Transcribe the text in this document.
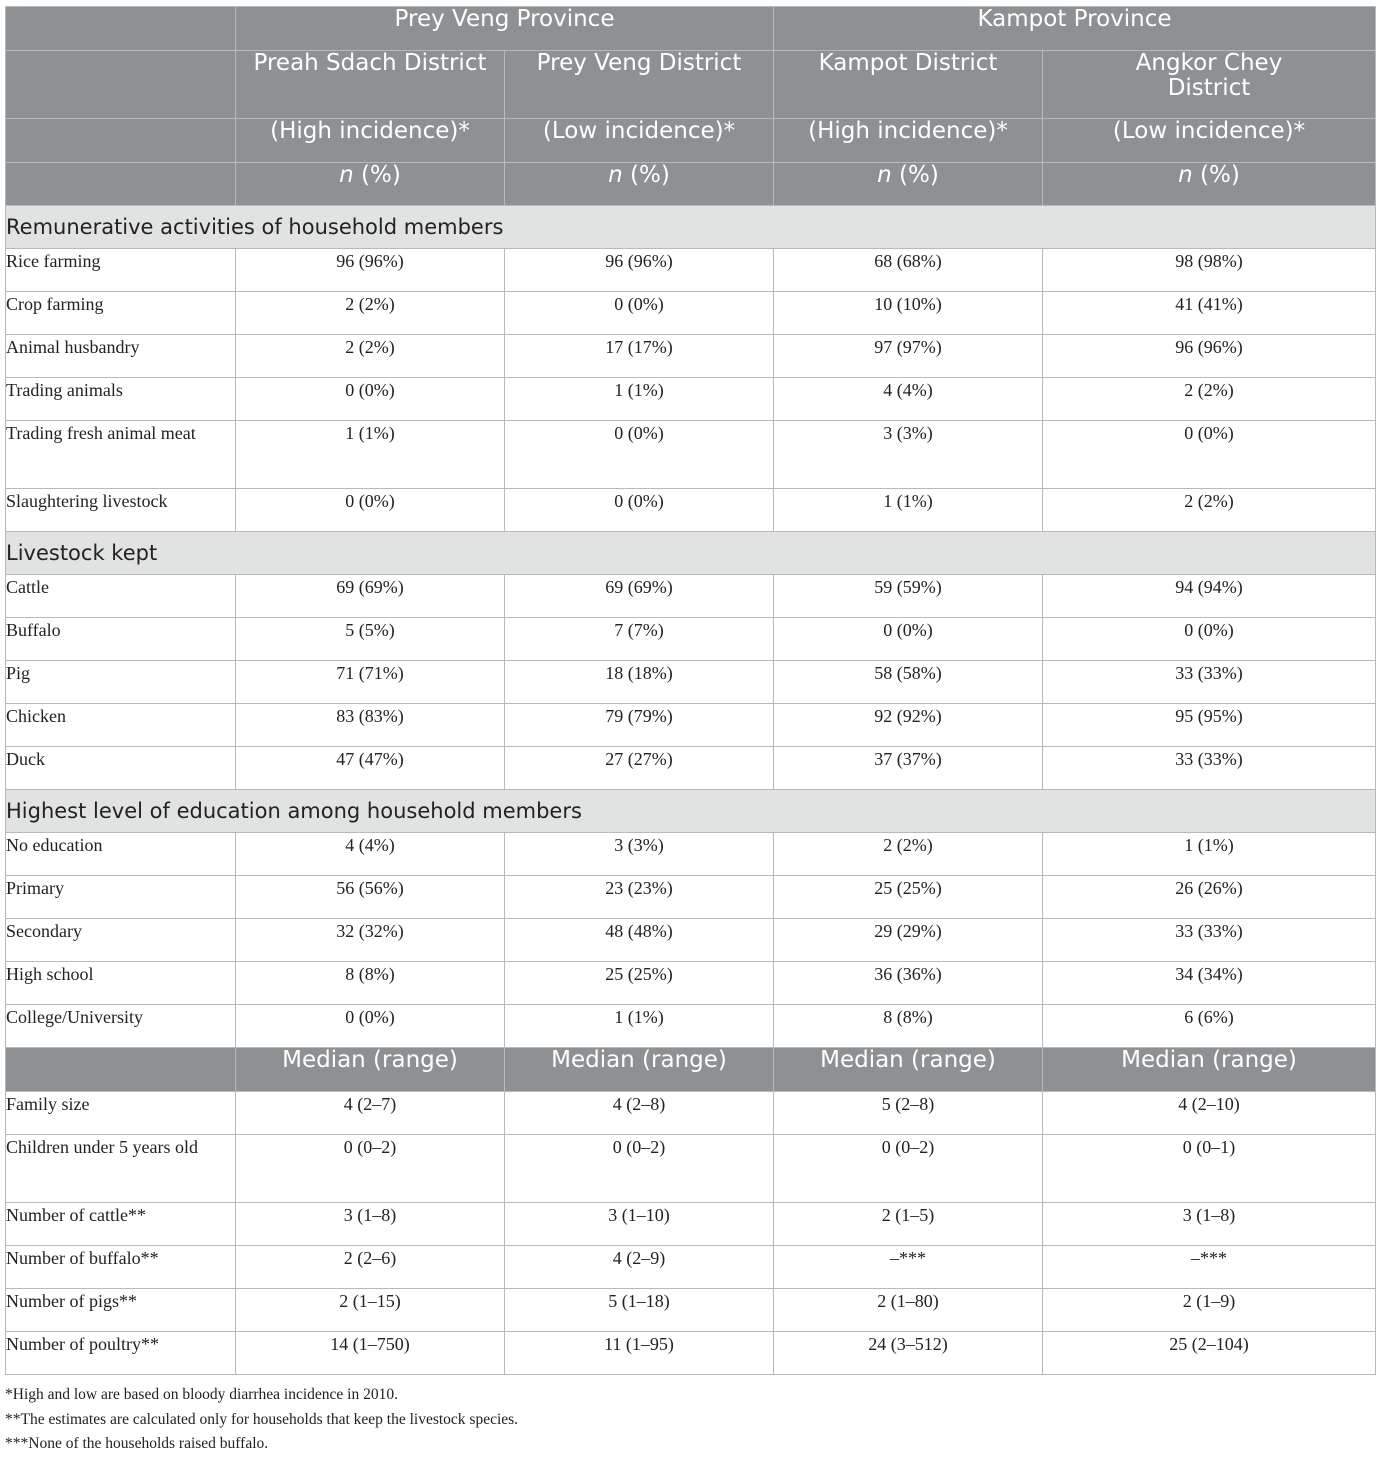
	Prey Veng Province		Kampot Province	
	Preah Sdach District	Prey Veng District	Kampot District	Angkor Chey District
	(High incidence)*	(Low incidence)*	(High incidence)*	(Low incidence)*
	n (%)	n (%)	n (%)	n (%)
Remunerative activities of household members				
Rice farming	96 (96%)	96 (96%)	68 (68%)	98 (98%)
Crop farming	2 (2%)	0 (0%)	10 (10%)	41 (41%)
Animal husbandry	2 (2%)	17 (17%)	97 (97%)	96 (96%)
Trading animals	0 (0%)	1 (1%)	4 (4%)	2 (2%)
Trading fresh animal meat	1 (1%)	0 (0%)	3 (3%)	0 (0%)
Slaughtering livestock	0 (0%)	0 (0%)	1 (1%)	2 (2%)
Livestock kept				
Cattle	69 (69%)	69 (69%)	59 (59%)	94 (94%)
Buffalo	5 (5%)	7 (7%)	0 (0%)	0 (0%)
Pig	71 (71%)	18 (18%)	58 (58%)	33 (33%)
Chicken	83 (83%)	79 (79%)	92 (92%)	95 (95%)
Duck	47 (47%)	27 (27%)	37 (37%)	33 (33%)
Highest level of education among household members				
No education	4 (4%)	3 (3%)	2 (2%)	1 (1%)
Primary	56 (56%)	23 (23%)	25 (25%)	26 (26%)
Secondary	32 (32%)	48 (48%)	29 (29%)	33 (33%)
High school	8 (8%)	25 (25%)	36 (36%)	34 (34%)
College/University	0 (0%)	1 (1%)	8 (8%)	6 (6%)
	Median (range)	Median (range)	Median (range)	Median (range)
Family size	4 (2–7)	4 (2–8)	5 (2–8)	4 (2–10)
Children under 5 years old	0 (0–2)	0 (0–2)	0 (0–2)	0 (0–1)
Number of cattle**	3 (1–8)	3 (1–10)	2 (1–5)	3 (1–8)
Number of buffalo**	2 (2–6)	4 (2–9)	–***	–***
Number of pigs**	2 (1–15)	5 (1–18)	2 (1–80)	2 (1–9)
Number of poultry**	14 (1–750)	11 (1–95)	24 (3–512)	25 (2–104)
*High and low are based on bloody diarrhea incidence in 2010.
**The estimates are calculated only for households that keep the livestock species.
***None of the households raised buffalo.
